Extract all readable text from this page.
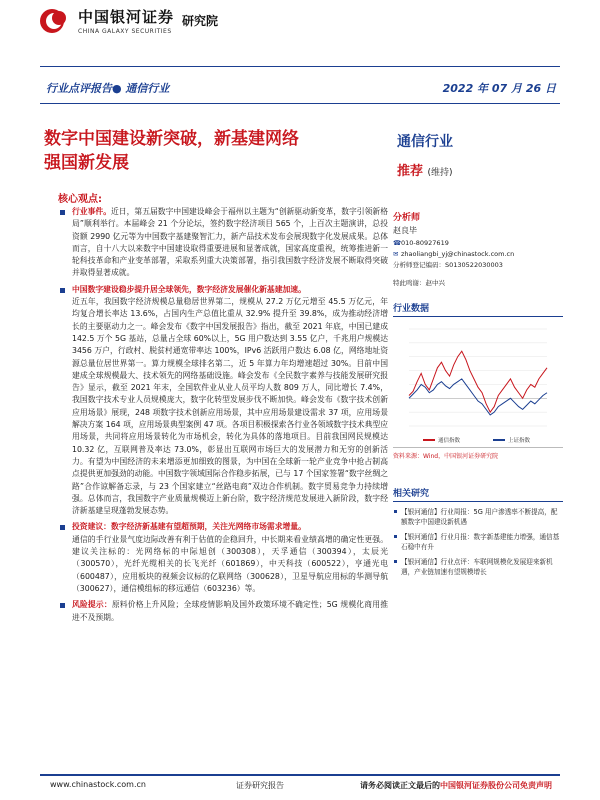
中国银河证券
CHINA GALAXY SECURITIES
研究院
行业点评报告● 通信行业	2022 年 07 月 26 日
数字中国建设新突破，新基建网络
强国新发展
通信行业
推荐 (维持)
核心观点:
行业事件。近日，第五届数字中国建设峰会于福州以主题为“创新驱动新变革，数字引领新格局”顺利举行。本届峰会 21 个分论坛，签约数字经济项目 565 个，上百次主题演讲，总投资额 2990 亿元等为中国数字基建聚智汇力，新产品技术发布会展现数字化发展成果。总体而言，自十八大以来数字中国建设取得重要进展和显著成就，国家高度重视，统筹推进新一轮科技革命和产业变革部署，采取系列重大决策部署，指引我国数字经济发展不断取得突破并取得显著成就。
中国数字建设稳步提升居全球领先，数字经济发展催化新基建加速。
近五年，我国数字经济规模总量稳居世界第二，规模从 27.2 万亿元增至 45.5 万亿元，年均复合增长率达 13.6%，占国内生产总值比重从 32.9% 提升至 39.8%，成为推动经济增长的主要驱动力之一。峰会发布《数字中国发展报告》指出，截至 2021 年底，中国已建成 142.5 万个 5G 基站，总量占全球 60%以上，5G 用户数达到 3.55 亿户，千兆用户规模达 3456 万户，行政村、脱贫村通宽带率达 100%，IPv6 活跃用户数达 6.08 亿，网络地址资源总量位居世界第一。算力规模全球排名第二，近 5 年算力年均增速超过 30%。目前中国建成全球规模最大、技术领先的网络基础设施。峰会发布《全民数字素养与技能发展研究报告》显示，截至 2021 年末，全国软件业从业人员平均人数 809 万人，同比增长 7.4%，我国数字技术专业人员规模庞大，数字化转型发展步伐不断加快。峰会发布《数字技术创新应用场景》展现，248 项数字技术创新应用场景，其中应用场景建设需求 37 项，应用场景解决方案 164 项，应用场景典型案例 47 项。各项目积极探索各行业各领域数字技术典型应用场景，共同将应用场景转化为市场机会，转化为具体的落地项目。目前我国网民规模达 10.32 亿，互联网普及率达 73.0%，彰显出互联网市场巨大的发展潜力和无穷的创新活力。有望为中国经济的未来增添更加细致的图景，为中国在全球新一轮产业竞争中抢占制高点提供更加强劲的动能。中国数字领域国际合作稳步拓展，已与 17 个国家签署“数字丝绸之路”合作谅解备忘录，与 23 个国家建立“丝路电商”双边合作机制。数字贸易竞争力持续增强。总体而言，我国数字产业质量规模迈上新台阶，数字经济规范发展进入新阶段，数字经济新基建呈现蓬勃发展态势。
投资建议：数字经济新基建有望超预期，关注光网络市场需求增量。
通信的手行业景气度边际改善有利于估值的企稳回升，中长期来看业绩高增的确定性更强。建议关注标的：光网络标的中际旭创（300308），天孚通信（300394），太辰光（300570），光纤光缆相关的长飞光纤（601869），中天科技（600522），亨通光电（600487），应用板块的视频会议标的亿联网络（300628），卫星导航应用标的华测导航（300627），通信模组标的移远通信（603236）等。
风险提示：原料价格上升风险；全球疫情影响及国外政策环境不确定性；5G 规模化商用推进不及预期。
分析师
赵良毕
☎010-80927619
✉ zhaoliangbi_yj@chinastock.com.cn
分析师登记编码：S0130522030003
特此鸣谢：赵中兴
行业数据
通信指数	上证指数
资料来源：Wind，中国银河证券研究院
相关研究
【银河通信】行业周报：5G 用户渗透率不断提高，配额数字中国建设新机遇
【银河通信】行业月报：数字新基建能力增强，通信基石稳中有升
【银河通信】行业点评：车联网规模化发展迎来新机遇，产业链加速有望规模增长
www.chinastock.com.cn	证券研究报告	请务必阅读正文最后的中国银河证券股份公司免责声明
